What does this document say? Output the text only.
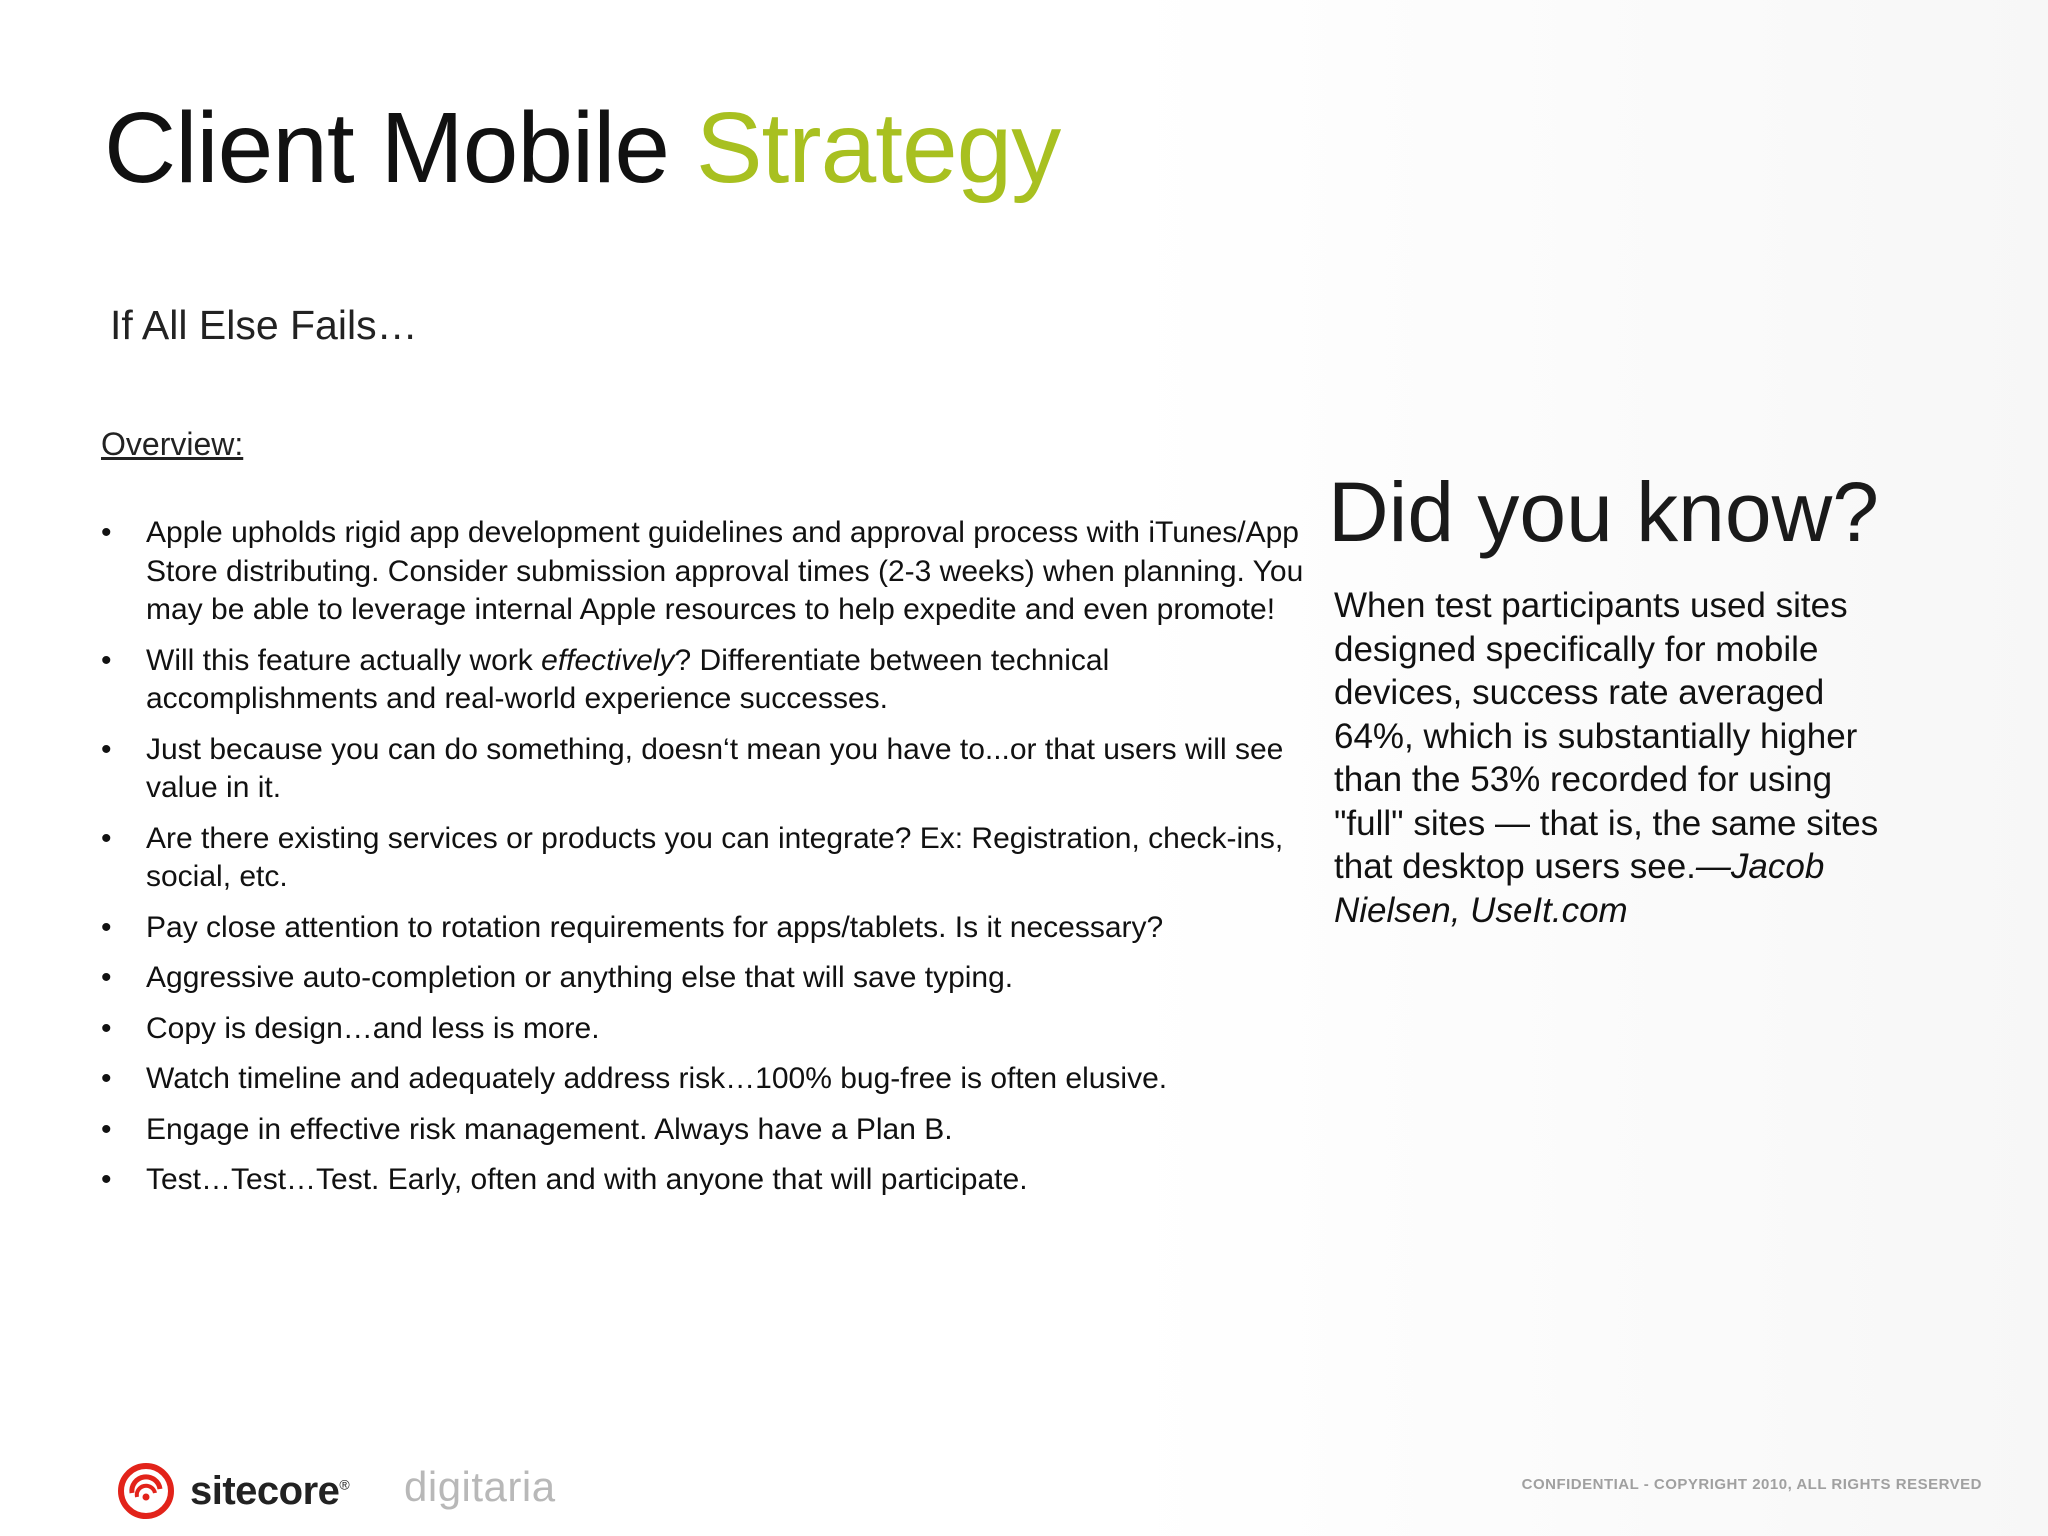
Client Mobile Strategy
If All Else Fails…
Overview:
• Apple upholds rigid app development guidelines and approval process with iTunes/App Store distributing. Consider submission approval times (2-3 weeks) when planning. You may be able to leverage internal Apple resources to help expedite and even promote!
• Will this feature actually work effectively? Differentiate between technical accomplishments and real-world experience successes.
• Just because you can do something, doesn‘t mean you have to...or that users will see value in it.
• Are there existing services or products you can integrate? Ex: Registration, check-ins, social, etc.
• Pay close attention to rotation requirements for apps/tablets. Is it necessary?
• Aggressive auto-completion or anything else that will save typing.
• Copy is design…and less is more.
• Watch timeline and adequately address risk…100% bug-free is often elusive.
• Engage in effective risk management. Always have a Plan B.
• Test…Test…Test. Early, often and with anyone that will participate.
Did you know?
When test participants used sites designed specifically for mobile devices, success rate averaged 64%, which is substantially higher than the 53% recorded for using "full" sites — that is, the same sites that desktop users see.—Jacob Nielsen, UseIt.com
sitecore® digitaria	CONFIDENTIAL - COPYRIGHT 2010, ALL RIGHTS RESERVED
